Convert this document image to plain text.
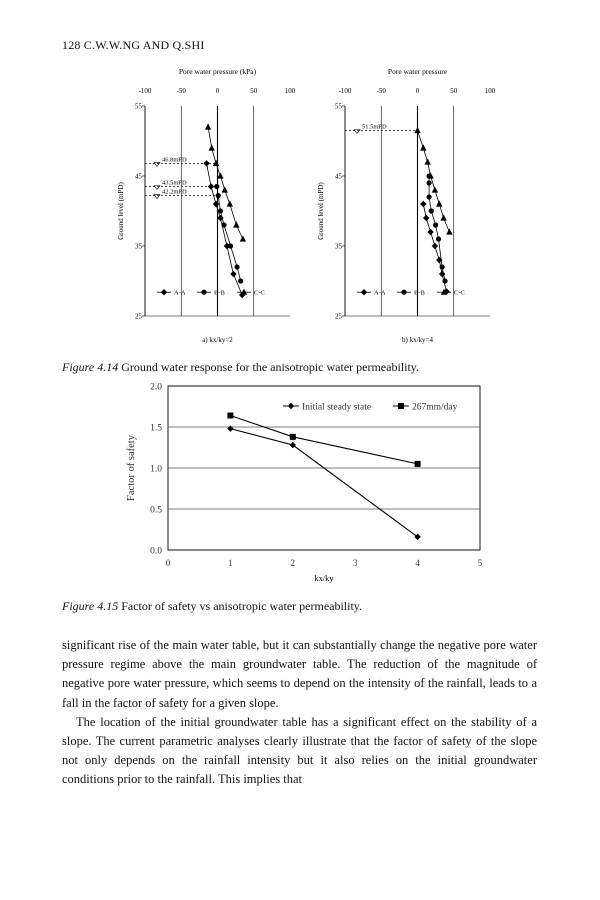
128 C.W.W.NG AND Q.SHI
Pore water pressure (kPa)
-100	-50	0	50	100
55
45
35
25
Ground level (mPD)
46.8mPD
43.5mPD
42.2mPD
A-A	B-B	C-C
a) kx/ky=2
Pore water pressure
-100	-50	0	50	100
55
45
35
25
Ground level (mPD)
51.5mPD
A-A	B-B	C-C
b) kx/ky=4
Figure 4.14 Ground water response for the anisotropic water permeability.
0.0
0.5
1.0
1.5
2.0
0	1	2	3	4	5
kx/ky
Factor of safety
Initial steady state	267mm/day
Figure 4.15 Factor of safety vs anisotropic water permeability.

significant rise of the main water table, but it can substantially change the negative pore water pressure regime above the main groundwater table. The reduction of the magnitude of negative pore water pressure, which seems to depend on the intensity of the rainfall, leads to a fall in the factor of safety for a given slope.

The location of the initial groundwater table has a significant effect on the stability of a slope. The current parametric analyses clearly illustrate that the factor of safety of the slope not only depends on the rainfall intensity but it also relies on the initial groundwater conditions prior to the rainfall. This implies that
